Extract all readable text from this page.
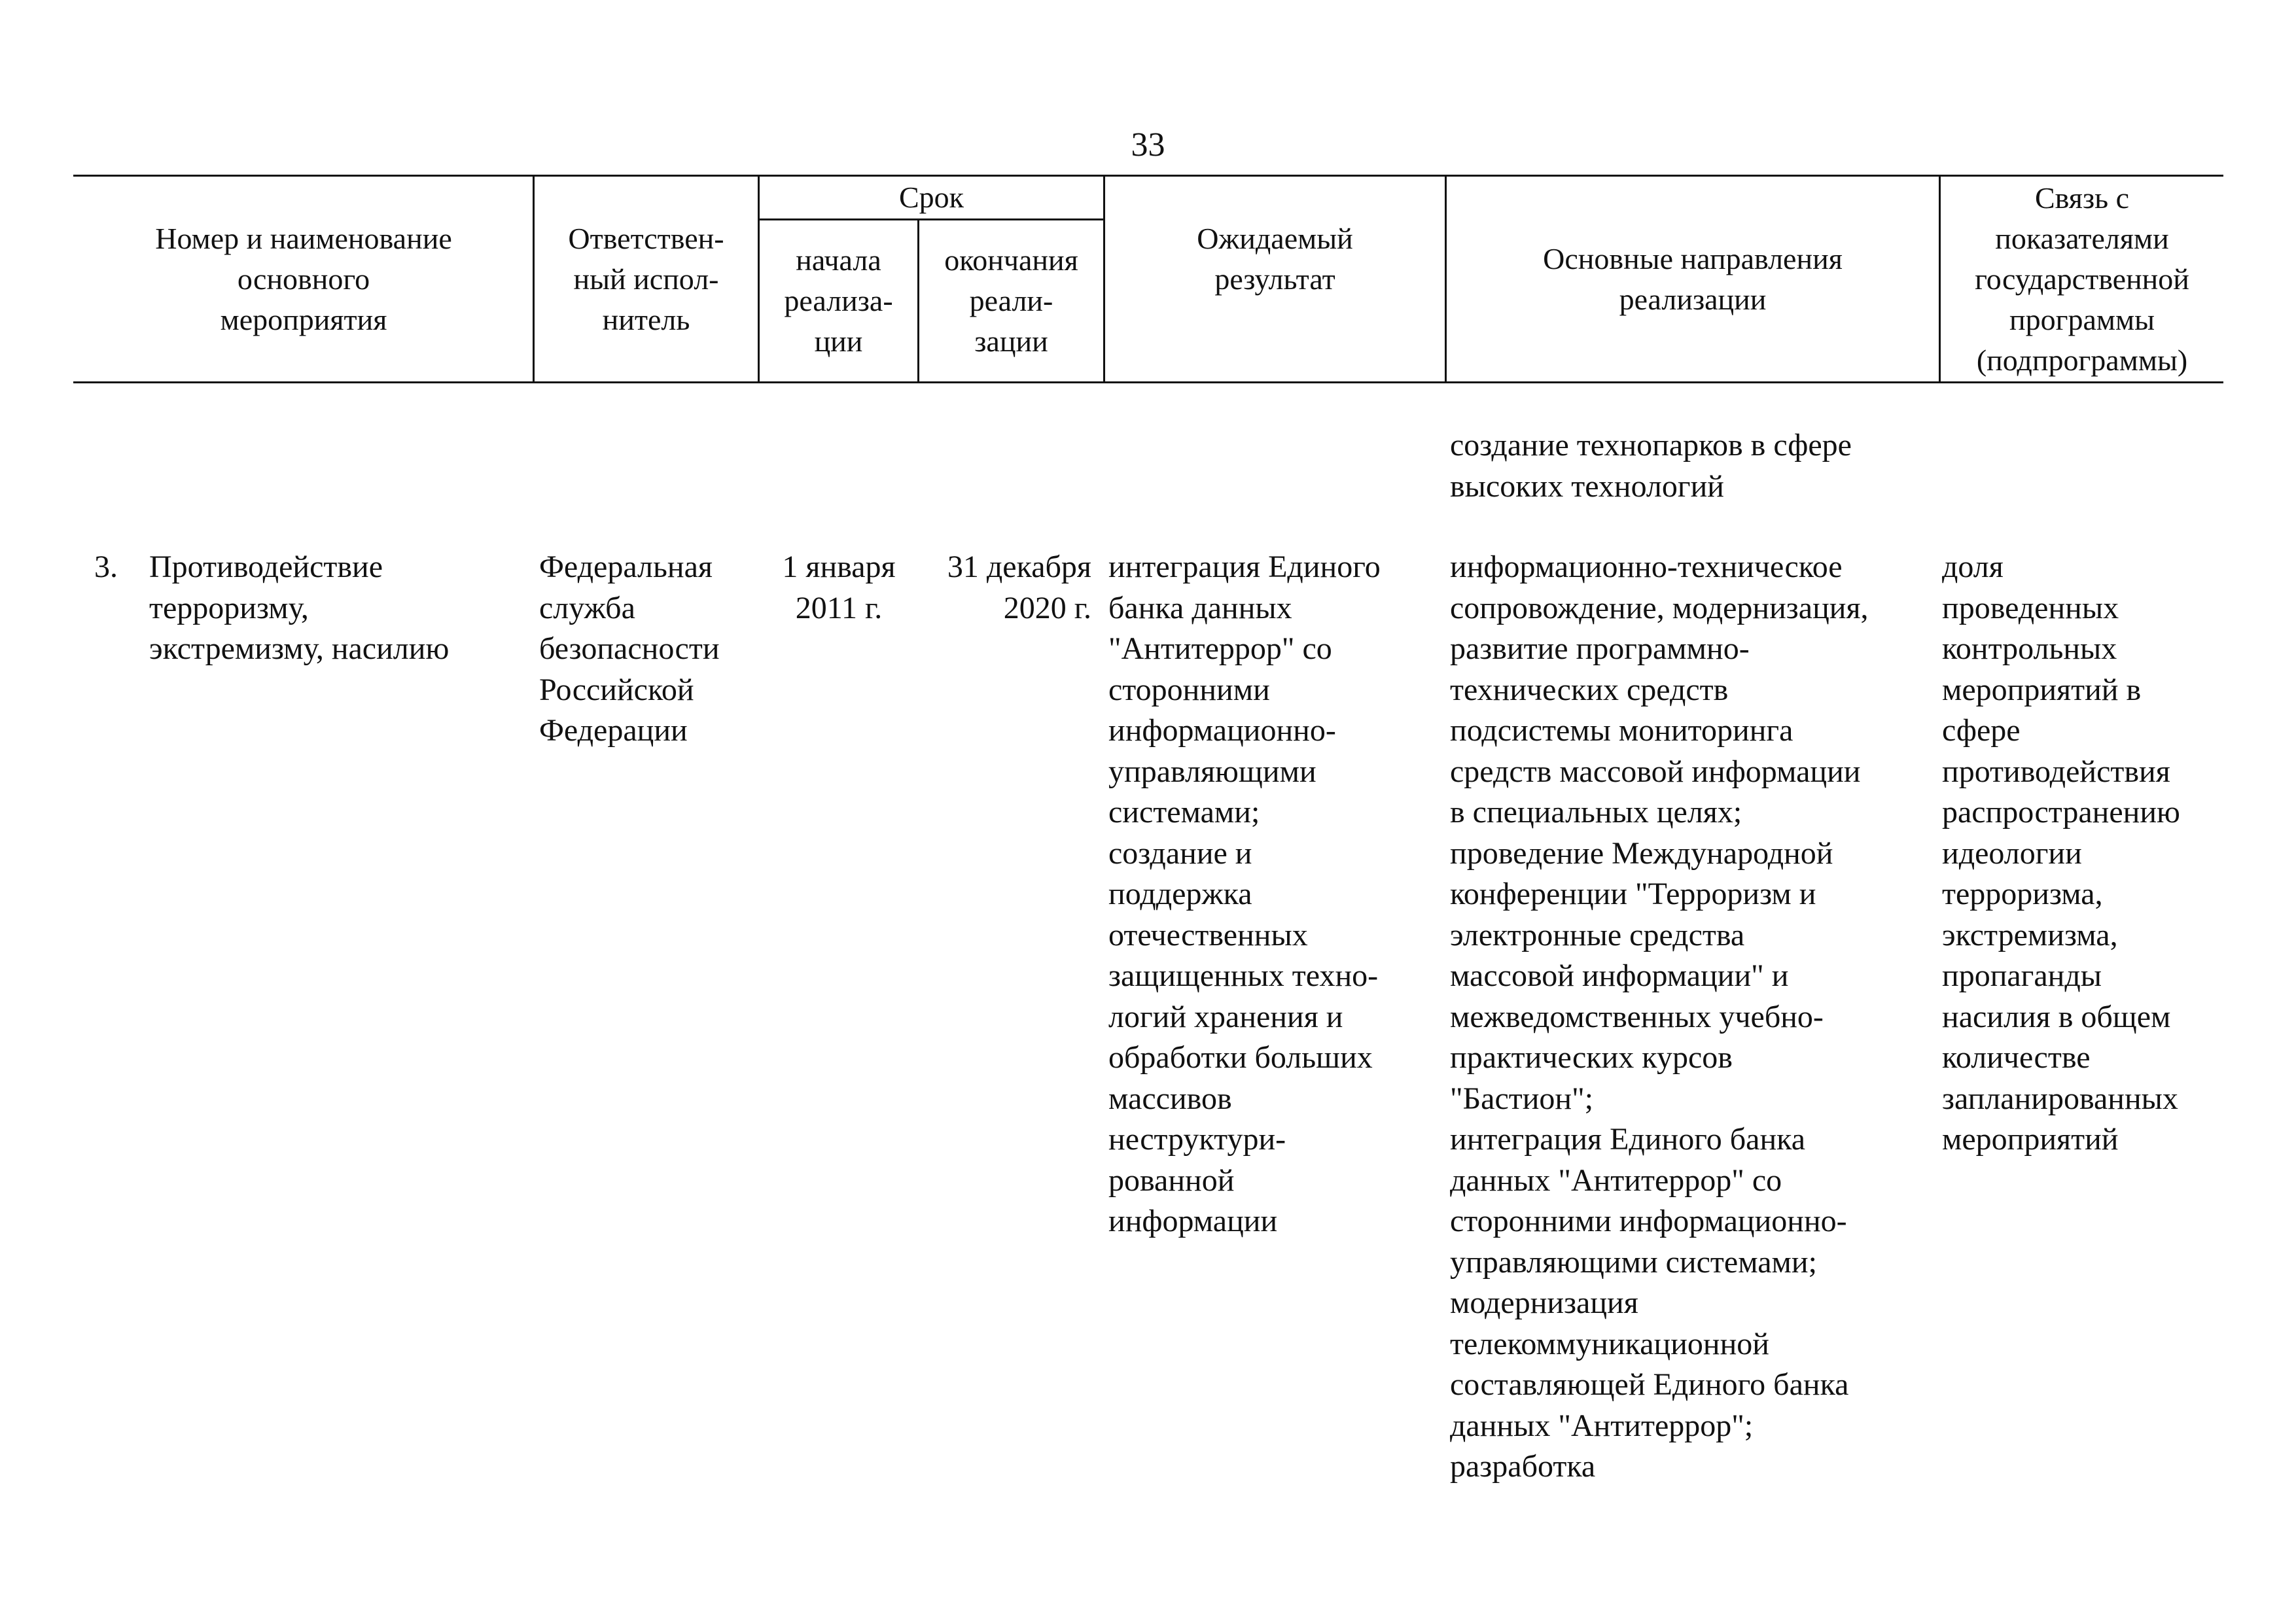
33
Номер и наименование
основного
мероприятия
Ответствен-
ный испол-
нитель
Срок
начала
реализа-
ции
окончания
реали-
зации
Ожидаемый
результат
Основные направления
реализации
Связь с
показателями
государственной
программы
(подпрограммы)
создание технопарков в сфере
высоких технологий
3.	Противодействие
терроризму,
экстремизму, насилию
Федеральная
служба
безопасности
Российской
Федерации
1 января
2011 г.
31 декабря
2020 г.
интеграция Единого
банка данных
"Антитеррор" со
сторонними
информационно-
управляющими
системами;
создание и
поддержка
отечественных
защищенных техно-
логий хранения и
обработки больших
массивов
неструктури-
рованной
информации
информационно-техническое
сопровождение, модернизация,
развитие программно-
технических средств
подсистемы мониторинга
средств массовой информации
в специальных целях;
проведение Международной
конференции "Терроризм и
электронные средства
массовой информации" и
межведомственных учебно-
практических курсов
"Бастион";
интеграция Единого банка
данных "Антитеррор" со
сторонними информационно-
управляющими системами;
модернизация
телекоммуникационной
составляющей Единого банка
данных "Антитеррор";
разработка
доля
проведенных
контрольных
мероприятий в
сфере
противодействия
распространению
идеологии
терроризма,
экстремизма,
пропаганды
насилия в общем
количестве
запланированных
мероприятий
